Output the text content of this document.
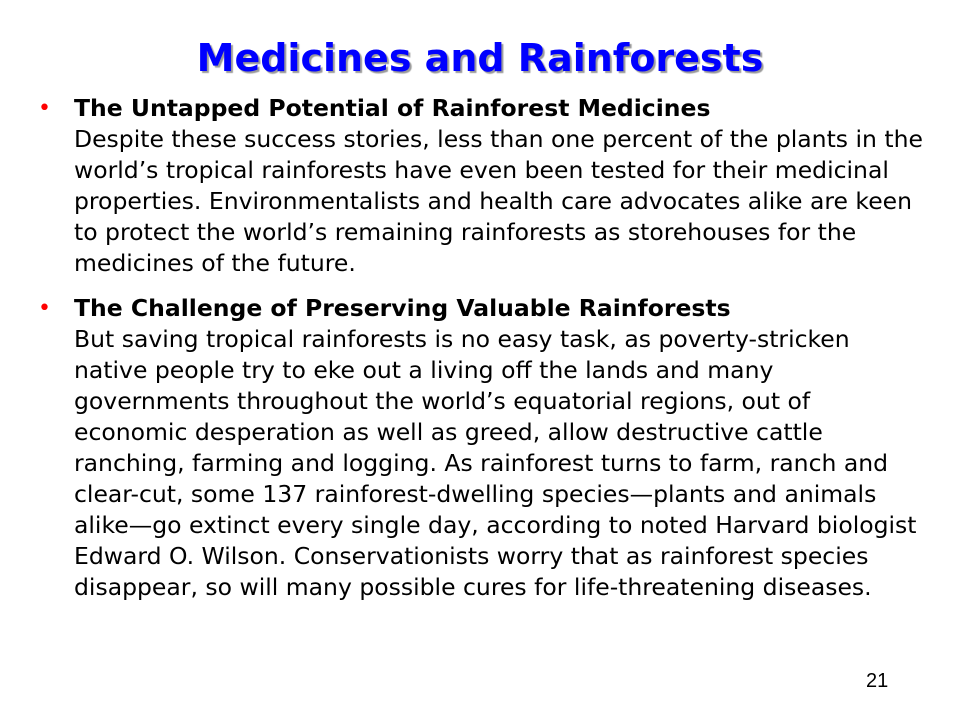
Medicines and Rainforests
• The Untapped Potential of Rainforest Medicines
Despite these success stories, less than one percent of the plants in the world’s tropical rainforests have even been tested for their medicinal properties. Environmentalists and health care advocates alike are keen to protect the world’s remaining rainforests as storehouses for the medicines of the future.
• The Challenge of Preserving Valuable Rainforests
But saving tropical rainforests is no easy task, as poverty-stricken native people try to eke out a living off the lands and many governments throughout the world’s equatorial regions, out of economic desperation as well as greed, allow destructive cattle ranching, farming and logging. As rainforest turns to farm, ranch and clear-cut, some 137 rainforest-dwelling species—plants and animals alike—go extinct every single day, according to noted Harvard biologist Edward O. Wilson. Conservationists worry that as rainforest species disappear, so will many possible cures for life-threatening diseases.
21
